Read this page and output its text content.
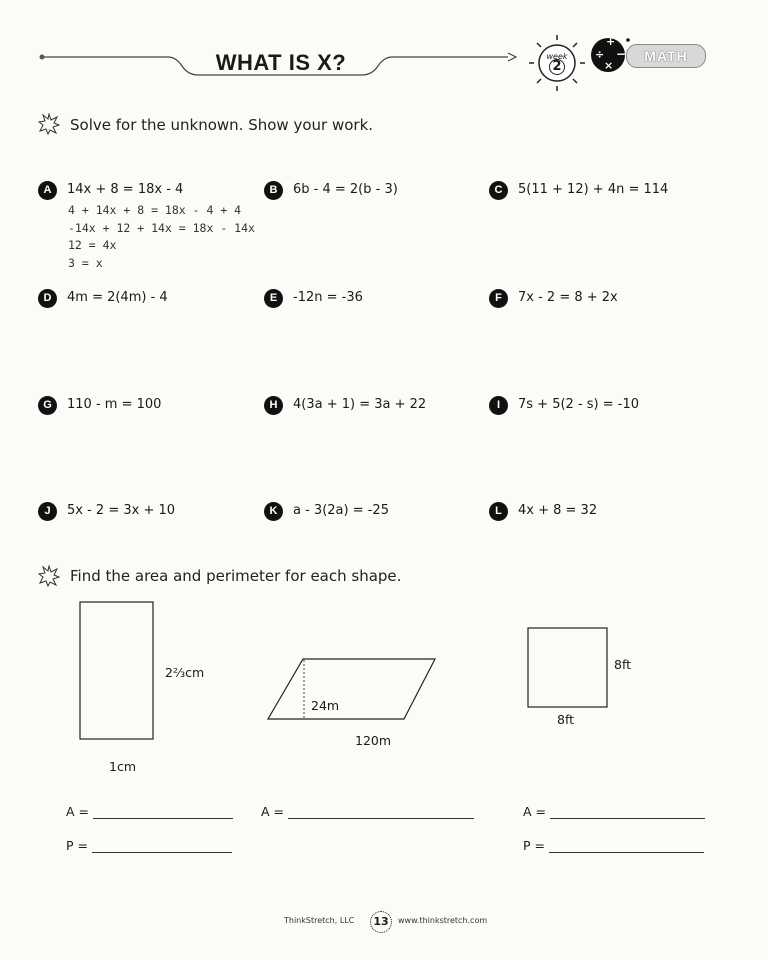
+
÷ −
×
WHAT IS X?	week
2
MATH
Solve for the unknown. Show your work.
A	14x + 8 = 18x - 4	B	6b - 4 = 2(b - 3)	C	5(11 + 12) + 4n = 114
4 + 14x + 8 = 18x - 4 + 4
-14x + 12 + 14x = 18x - 14x
12 = 4x
3 = x
D	4m = 2(4m) - 4	E	-12n = -36	F	7x - 2 = 8 + 2x
G	110 - m = 100	H	4(3a + 1) = 3a + 22	I	7s + 5(2 - s) = -10
J	5x - 2 = 3x + 10	K	a - 3(2a) = -25	L	4x + 8 = 32
Find the area and perimeter for each shape.
2⅔cm
1cm
24m
120m
8ft
8ft
A =
P =
A =	A =
P =
ThinkStretch, LLC	13	www.thinkstretch.com
